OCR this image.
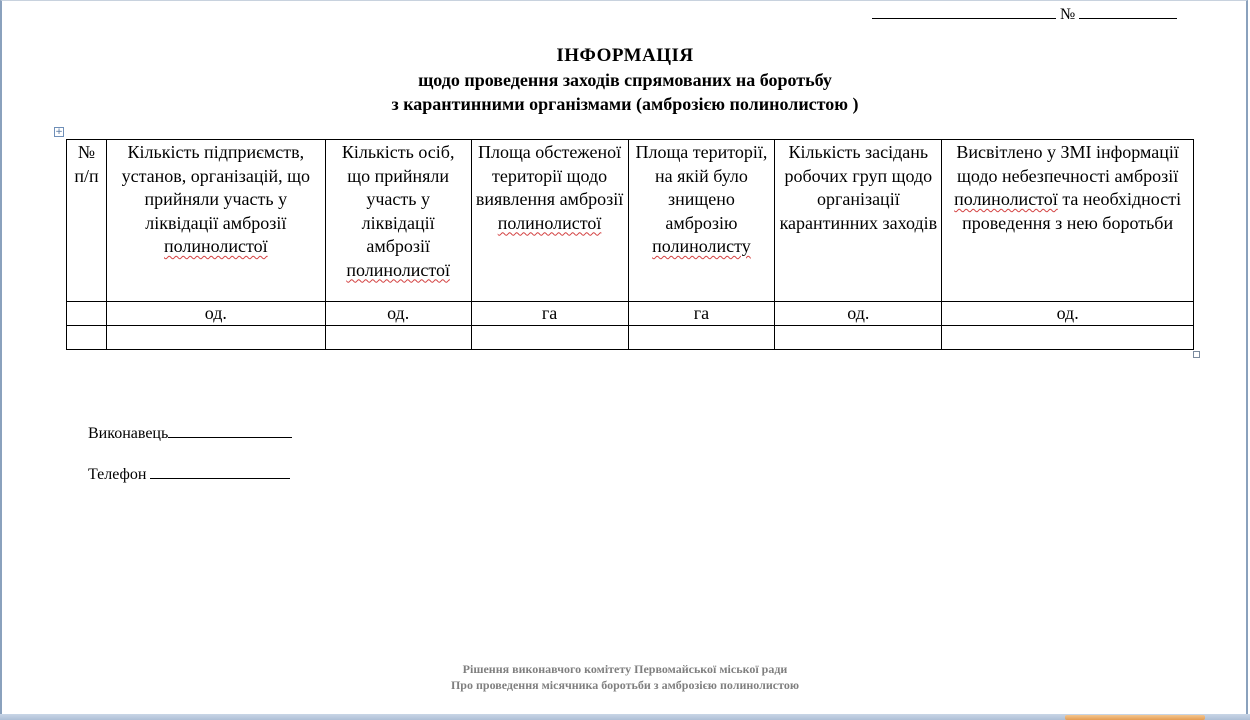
№
ІНФОРМАЦІЯ
щодо проведення заходів спрямованих на боротьбу
з карантинними організмами (амброзією полинолистою )
+
№ п/п	Кількість підприємств, установ, організацій, що прийняли участь у ліквідації амброзії полинолистої	Кількість осіб, що прийняли участь у ліквідації амброзії полинолистої	Площа обстеженої території щодо виявлення амброзії полинолистої	Площа території, на якій було знищено амброзію полинолисту	Кількість засідань робочих груп щодо організації карантинних заходів	Висвітлено у ЗМІ інформації щодо небезпечності амброзії полинолистої та необхідності проведення з нею боротьби
	од.	од.	га	га	од.	од.

Виконавець
Телефон
Рішення виконавчого комітету Первомайської міської ради
Про проведення місячника боротьби з амброзією полинолистою
